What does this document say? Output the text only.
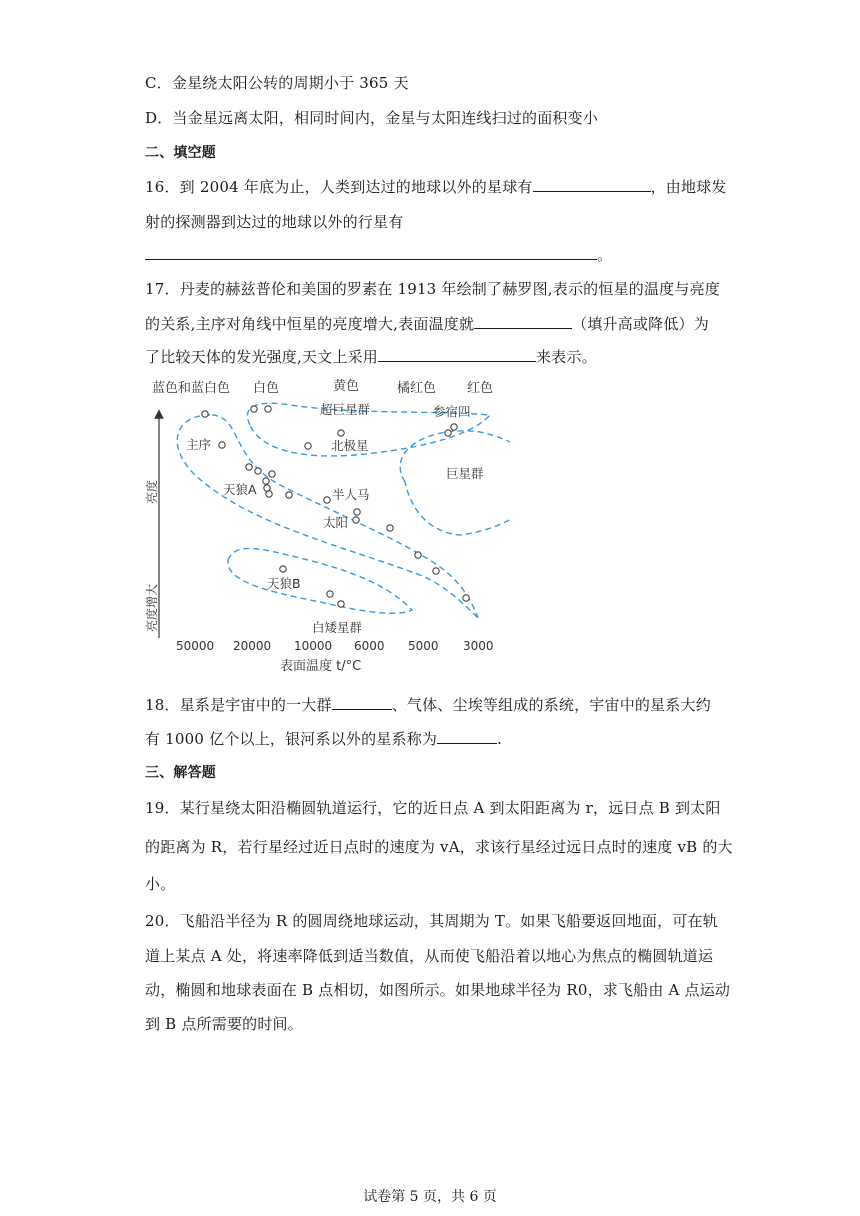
C．金星绕太阳公转的周期小于 365 天
D．当金星远离太阳，相同时间内，金星与太阳连线扫过的面积变小
二、填空题
16．到 2004 年底为止，人类到达过的地球以外的星球有	，由地球发
射的探测器到达过的地球以外的行星有
。
17．丹麦的赫兹普伦和美国的罗素在 1913 年绘制了赫罗图,表示的恒星的温度与亮度
的关系,主序对角线中恒星的亮度增大,表面温度就	（填升高或降低）为
了比较天体的发光强度,天文上采用	来表示。
蓝色和蓝白色 白色	黄色	橘红色 红色
亮度
亮度增大
超巨星群	参宿四
主序	北极星
巨星群
天狼A	半人马
太阳
天狼B
白矮星群
50000 20000 10000 6000 5000 3000
表面温度 t/°C
18．星系是宇宙中的一大群	、气体、尘埃等组成的系统，宇宙中的星系大约
有 1000 亿个以上，银河系以外的星系称为	.
三、解答题
19．某行星绕太阳沿椭圆轨道运行，它的近日点 A 到太阳距离为 r，远日点 B 到太阳
的距离为 R，若行星经过近日点时的速度为 vA，求该行星经过远日点时的速度 vB 的大
小。
20．飞船沿半径为 R 的圆周绕地球运动，其周期为 T。如果飞船要返回地面，可在轨
道上某点 A 处，将速率降低到适当数值，从而使飞船沿着以地心为焦点的椭圆轨道运
动，椭圆和地球表面在 B 点相切，如图所示。如果地球半径为 R0，求飞船由 A 点运动
到 B 点所需要的时间。
试卷第 5 页，共 6 页
